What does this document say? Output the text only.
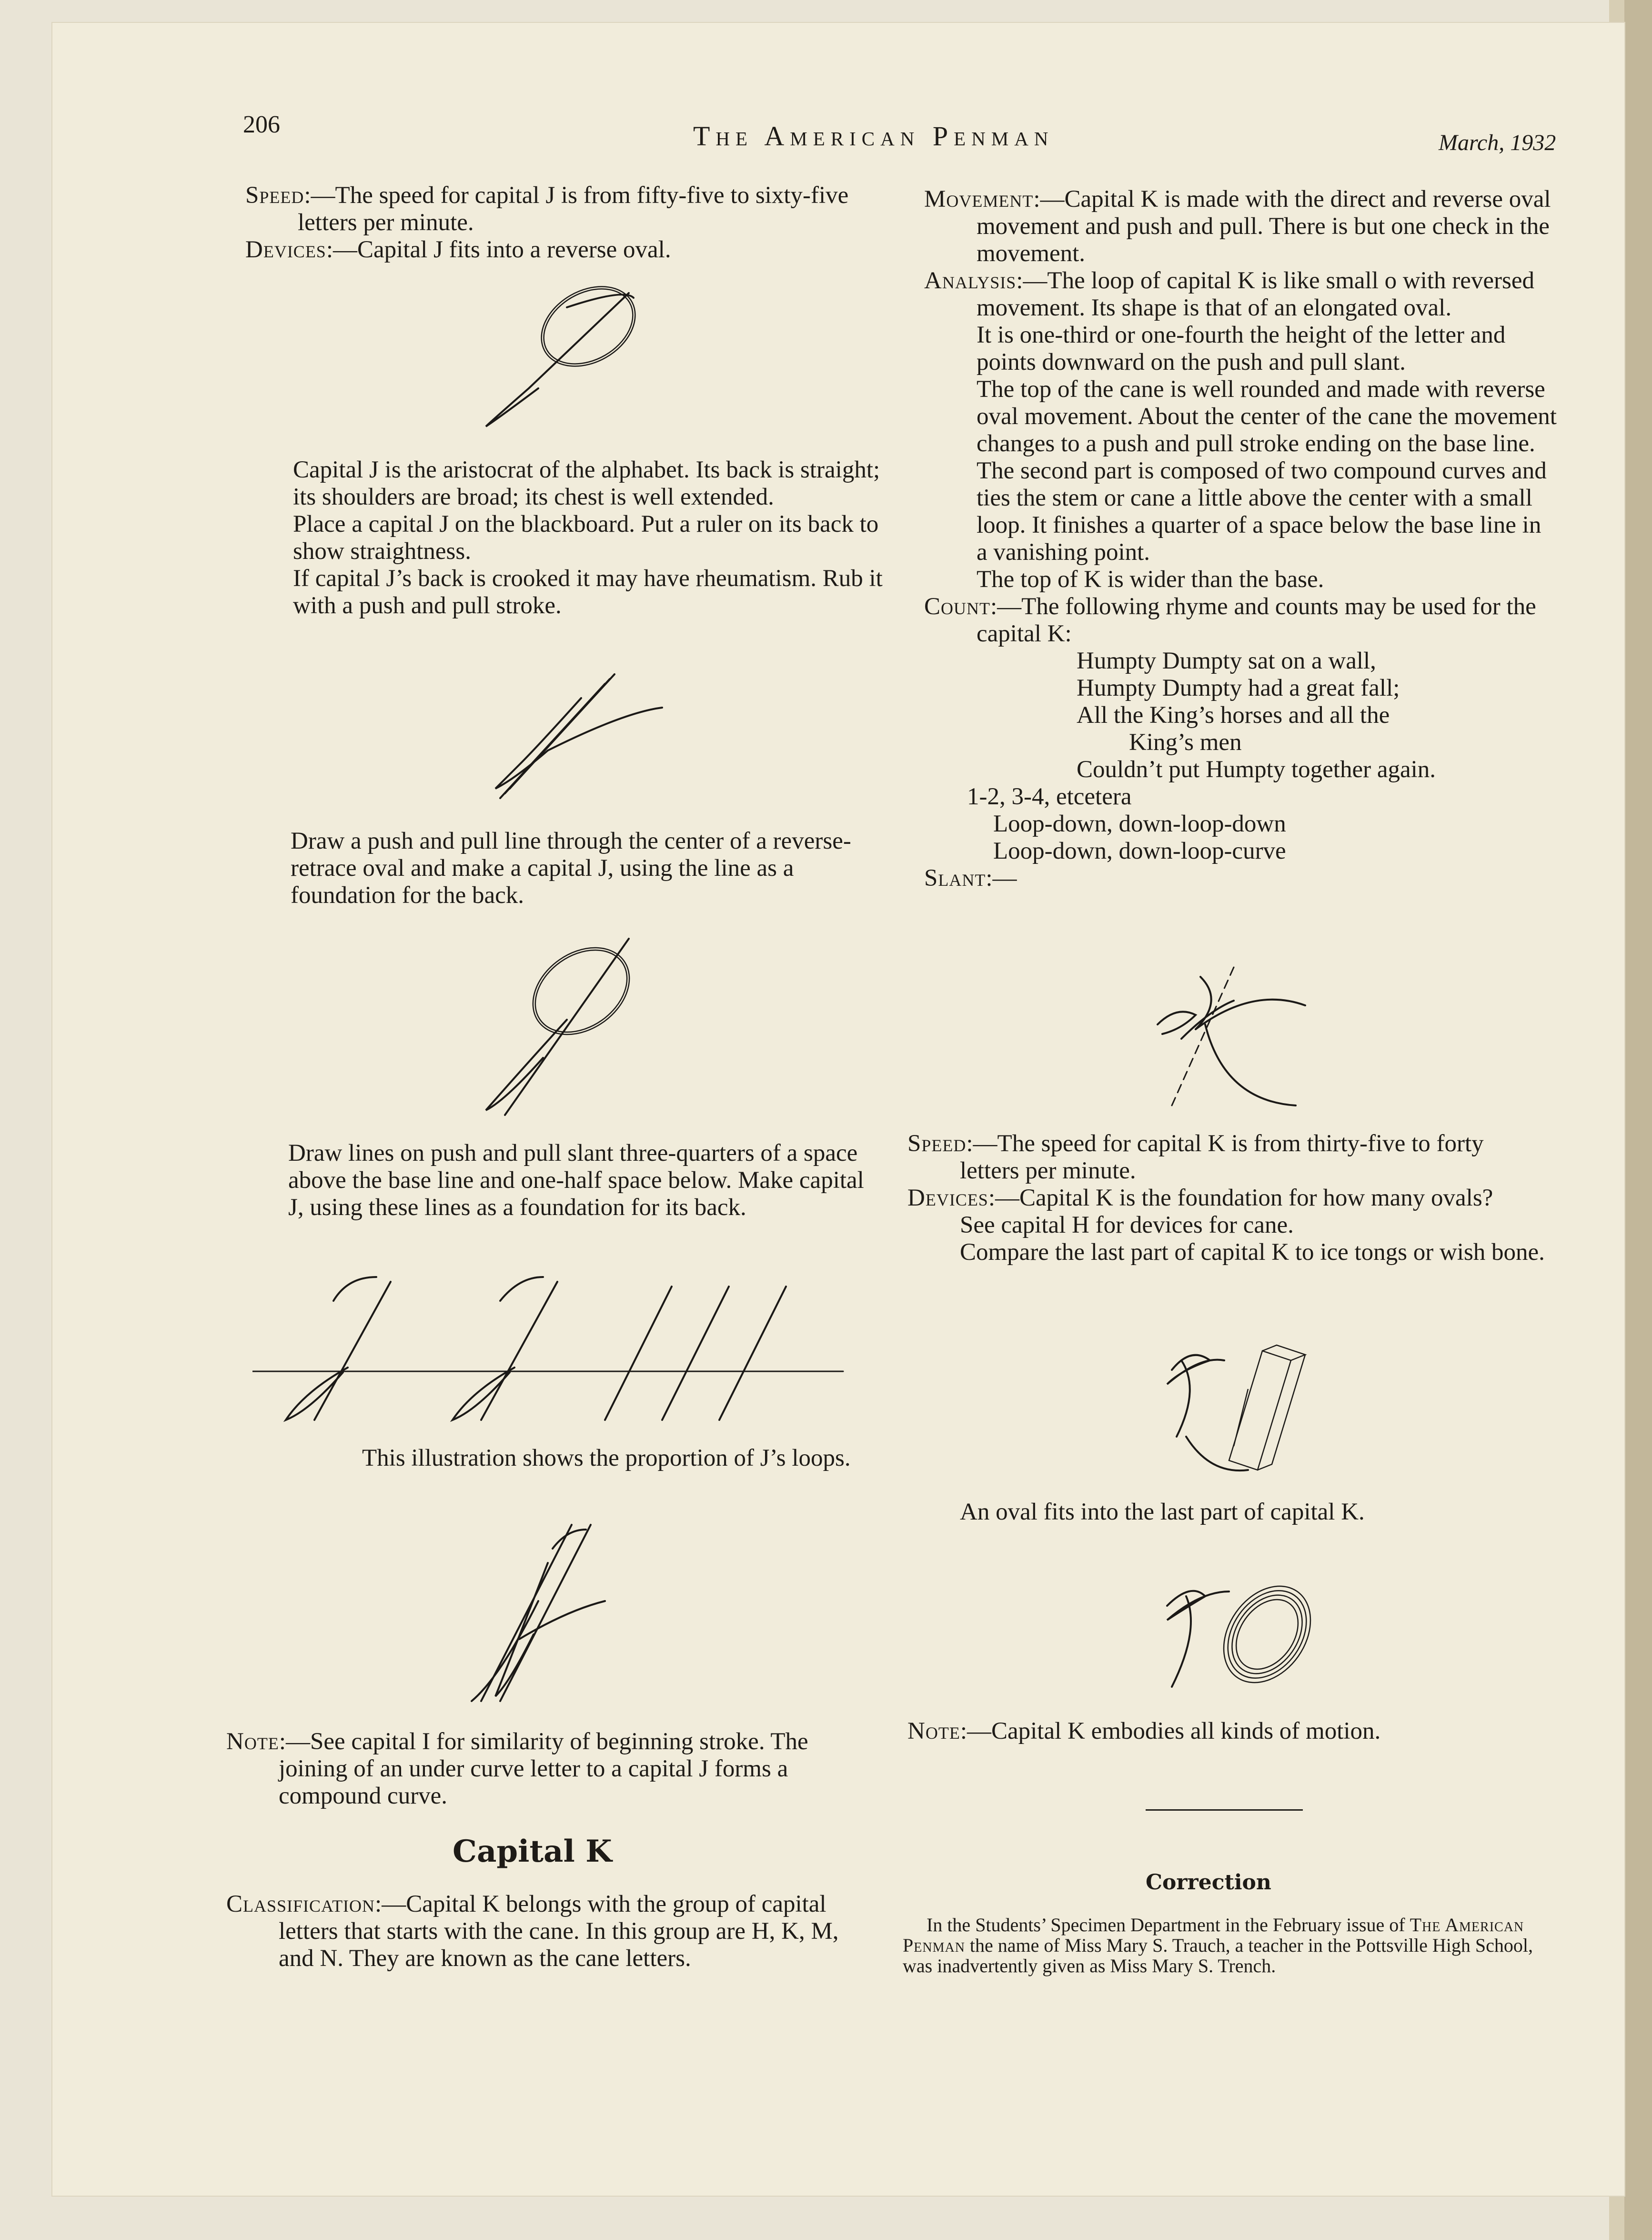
206	The American Penman	March, 1932

Speed:—The speed for capital J is from fifty-five to sixty-five letters per minute.

Devices:—Capital J fits into a reverse oval.

Capital J is the aristocrat of the alphabet. Its back is straight; its shoulders are broad; its chest is well extended.

Place a capital J on the blackboard. Put a ruler on its back to show straightness.

If capital J’s back is crooked it may have rheumatism. Rub it with a push and pull stroke.

Draw a push and pull line through the center of a reverse-retrace oval and make a capital J, using the line as a foundation for the back.
Draw lines on push and pull slant three-quarters of a space above the base line and one-half space below. Make capital J, using these lines as a foundation for its back.
This illustration shows the proportion of J’s loops.

Note:—See capital I for similarity of beginning stroke. The joining of an under curve letter to a capital J forms a compound curve.

Capital K

Classification:—Capital K belongs with the group of capital letters that starts with the cane. In this group are H, K, M, and N. They are known as the cane letters.

Movement:—Capital K is made with the direct and reverse oval movement and push and pull. There is but one check in the movement.

Analysis:—The loop of capital K is like small o with reversed movement. Its shape is that of an elongated oval.

It is one-third or one-fourth the height of the letter and points downward on the push and pull slant.

The top of the cane is well rounded and made with reverse oval movement. About the center of the cane the movement changes to a push and pull stroke ending on the base line.

The second part is composed of two compound curves and ties the stem or cane a little above the center with a small loop. It finishes a quarter of a space below the base line in a vanishing point.

The top of K is wider than the base.

Count:—The following rhyme and counts may be used for the capital K:

Humpty Dumpty sat on a wall,
Humpty Dumpty had a great fall;
All the King’s horses and all the
King’s men
Couldn’t put Humpty together again.
1-2, 3-4, etcetera
Loop-down, down-loop-down
Loop-down, down-loop-curve

Slant:—

Speed:—The speed for capital K is from thirty-five to forty letters per minute.

Devices:—Capital K is the foundation for how many ovals?

See capital H for devices for cane.

Compare the last part of capital K to ice tongs or wish bone.

An oval fits into the last part of capital K.

Note:—Capital K embodies all kinds of motion.

Correction
In the Students’ Specimen Department in the February issue of The American Penman the name of Miss Mary S. Trauch, a teacher in the Pottsville High School, was inadvertently given as Miss Mary S. Trench.
